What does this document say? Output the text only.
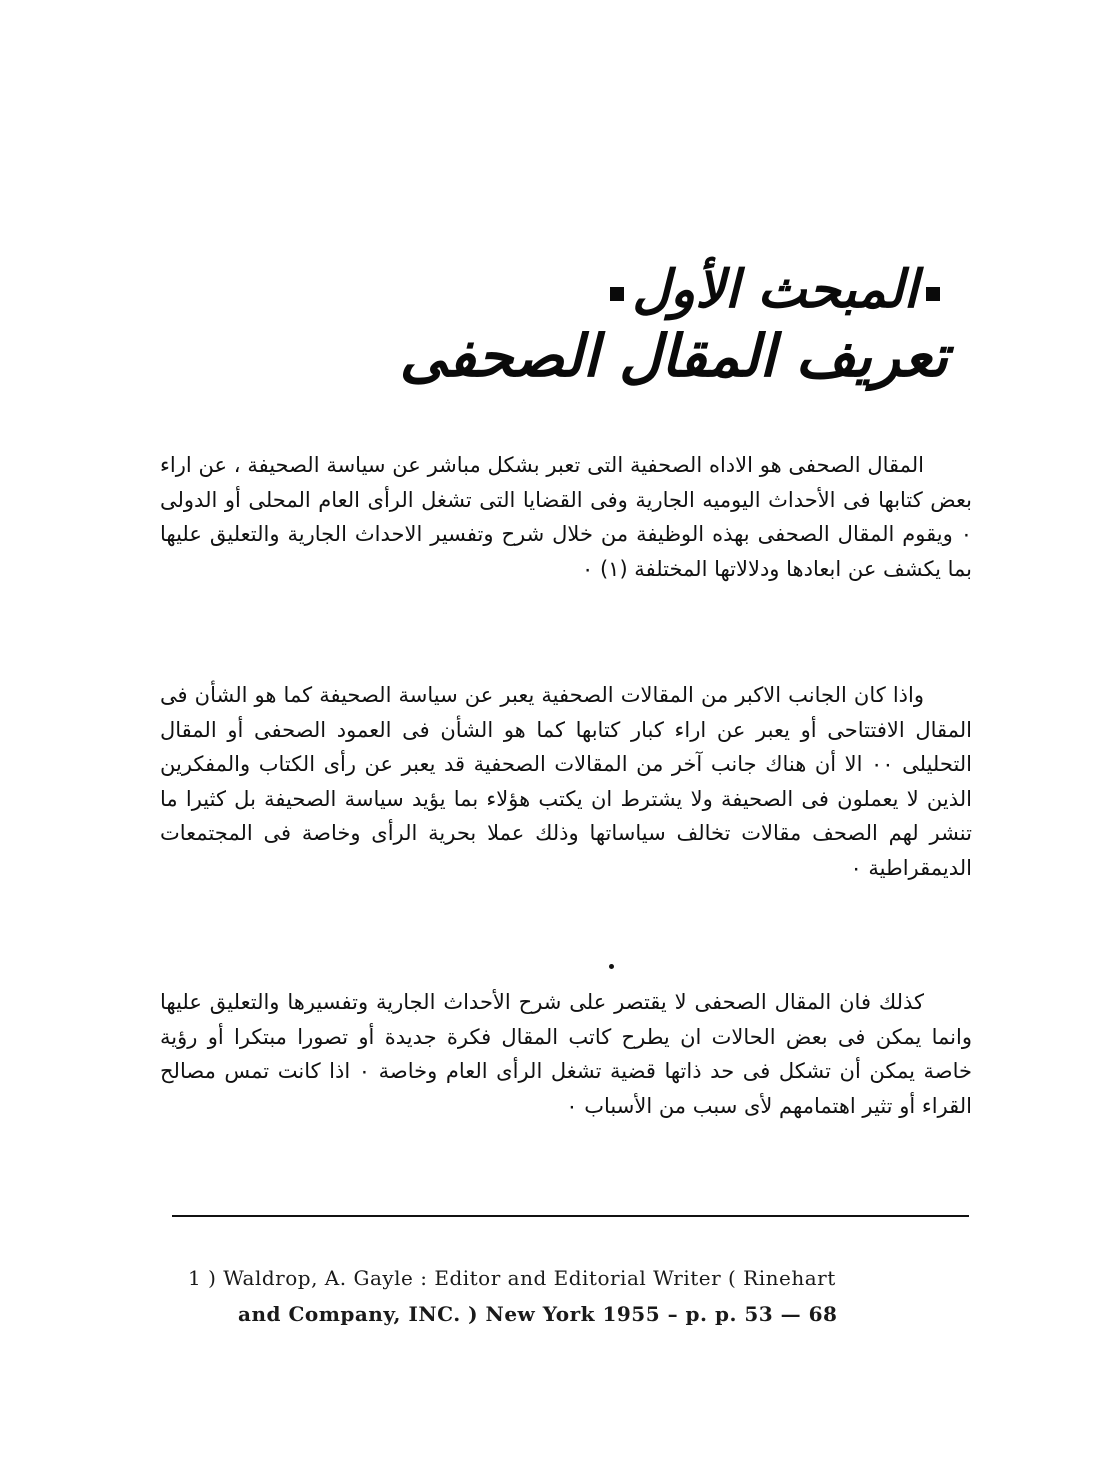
المبحث الأول
تعريف المقال الصحفى

المقال الصحفى هو الاداه الصحفية التى تعبر بشكل مباشر عن سياسة الصحيفة ، عن اراء بعض كتابها فى الأحداث اليوميه الجارية وفى القضايا التى تشغل الرأى العام المحلى أو الدولى ٠ ويقوم المقال الصحفى بهذه الوظيفة من خلال شرح وتفسير الاحداث الجارية والتعليق عليها بما يكشف عن ابعادها ودلالاتها المختلفة (١) ٠

واذا كان الجانب الاكبر من المقالات الصحفية يعبر عن سياسة الصحيفة كما هو الشأن فى المقال الافتتاحى أو يعبر عن اراء كبار كتابها كما هو الشأن فى العمود الصحفى أو المقال التحليلى ٠٠ الا أن هناك جانب آخر من المقالات الصحفية قد يعبر عن رأى الكتاب والمفكرين الذين لا يعملون فى الصحيفة ولا يشترط ان يكتب هؤلاء بما يؤيد سياسة الصحيفة بل كثيرا ما تنشر لهم الصحف مقالات تخالف سياساتها وذلك عملا بحرية الرأى وخاصة فى المجتمعات الديمقراطية ٠

كذلك فان المقال الصحفى لا يقتصر على شرح الأحداث الجارية وتفسيرها والتعليق عليها وانما يمكن فى بعض الحالات ان يطرح كاتب المقال فكرة جديدة أو تصورا مبتكرا أو رؤية خاصة يمكن أن تشكل فى حد ذاتها قضية تشغل الرأى العام وخاصة ٠ اذا كانت تمس مصالح القراء أو تثير اهتمامهم لأى سبب من الأسباب ٠

1 ) Waldrop, A. Gayle : Editor and Editorial Writer ( Rinehart
and Company, INC. ) New York 1955 – p. p. 53 — 68
